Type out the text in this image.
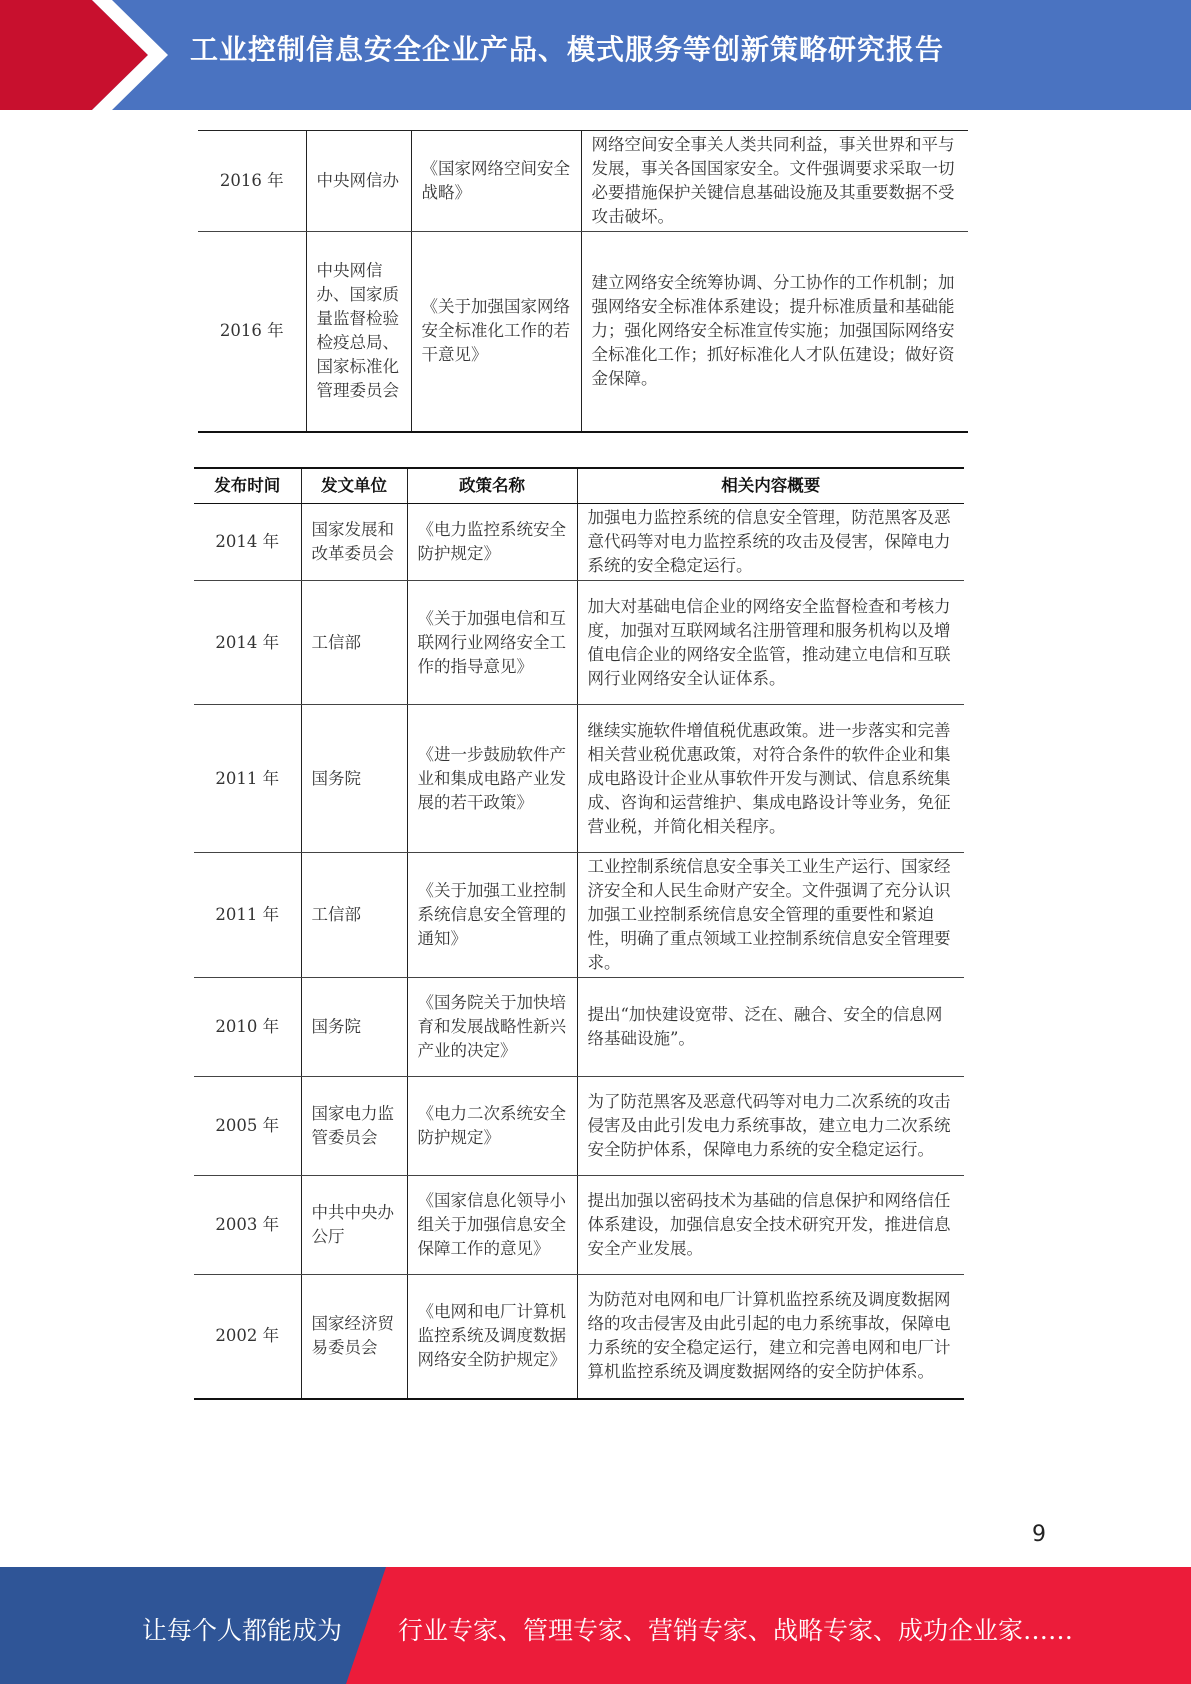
工业控制信息安全企业产品、模式服务等创新策略研究报告
2016 年	中央网信办	《国家网络空间安全战略》	网络空间安全事关人类共同利益，事关世界和平与发展，事关各国国家安全。文件强调要求采取一切必要措施保护关键信息基础设施及其重要数据不受攻击破坏。
2016 年	中央网信办、国家质量监督检验检疫总局、国家标准化管理委员会	《关于加强国家网络安全标准化工作的若干意见》	建立网络安全统筹协调、分工协作的工作机制；加强网络安全标准体系建设；提升标准质量和基础能力；强化网络安全标准宣传实施；加强国际网络安全标准化工作；抓好标准化人才队伍建设；做好资金保障。
发布时间	发文单位	政策名称	相关内容概要
2014 年	国家发展和改革委员会	《电力监控系统安全防护规定》	加强电力监控系统的信息安全管理，防范黑客及恶意代码等对电力监控系统的攻击及侵害，保障电力系统的安全稳定运行。
2014 年	工信部	《关于加强电信和互联网行业网络安全工作的指导意见》	加大对基础电信企业的网络安全监督检查和考核力度，加强对互联网域名注册管理和服务机构以及增值电信企业的网络安全监管，推动建立电信和互联网行业网络安全认证体系。
2011 年	国务院	《进一步鼓励软件产业和集成电路产业发展的若干政策》	继续实施软件增值税优惠政策。进一步落实和完善相关营业税优惠政策，对符合条件的软件企业和集成电路设计企业从事软件开发与测试、信息系统集成、咨询和运营维护、集成电路设计等业务，免征营业税，并简化相关程序。
2011 年	工信部	《关于加强工业控制系统信息安全管理的通知》	工业控制系统信息安全事关工业生产运行、国家经济安全和人民生命财产安全。文件强调了充分认识加强工业控制系统信息安全管理的重要性和紧迫性，明确了重点领域工业控制系统信息安全管理要求。
2010 年	国务院	《国务院关于加快培育和发展战略性新兴产业的决定》	提出“加快建设宽带、泛在、融合、安全的信息网络基础设施”。
2005 年	国家电力监管委员会	《电力二次系统安全防护规定》	为了防范黑客及恶意代码等对电力二次系统的攻击侵害及由此引发电力系统事故，建立电力二次系统安全防护体系，保障电力系统的安全稳定运行。
2003 年	中共中央办公厅	《国家信息化领导小组关于加强信息安全保障工作的意见》	提出加强以密码技术为基础的信息保护和网络信任体系建设，加强信息安全技术研究开发，推进信息安全产业发展。
2002 年	国家经济贸易委员会	《电网和电厂计算机监控系统及调度数据网络安全防护规定》	为防范对电网和电厂计算机监控系统及调度数据网络的攻击侵害及由此引起的电力系统事故，保障电力系统的安全稳定运行，建立和完善电网和电厂计算机监控系统及调度数据网络的安全防护体系。
9
让每个人都能成为 行业专家、管理专家、营销专家、战略专家、成功企业家……
